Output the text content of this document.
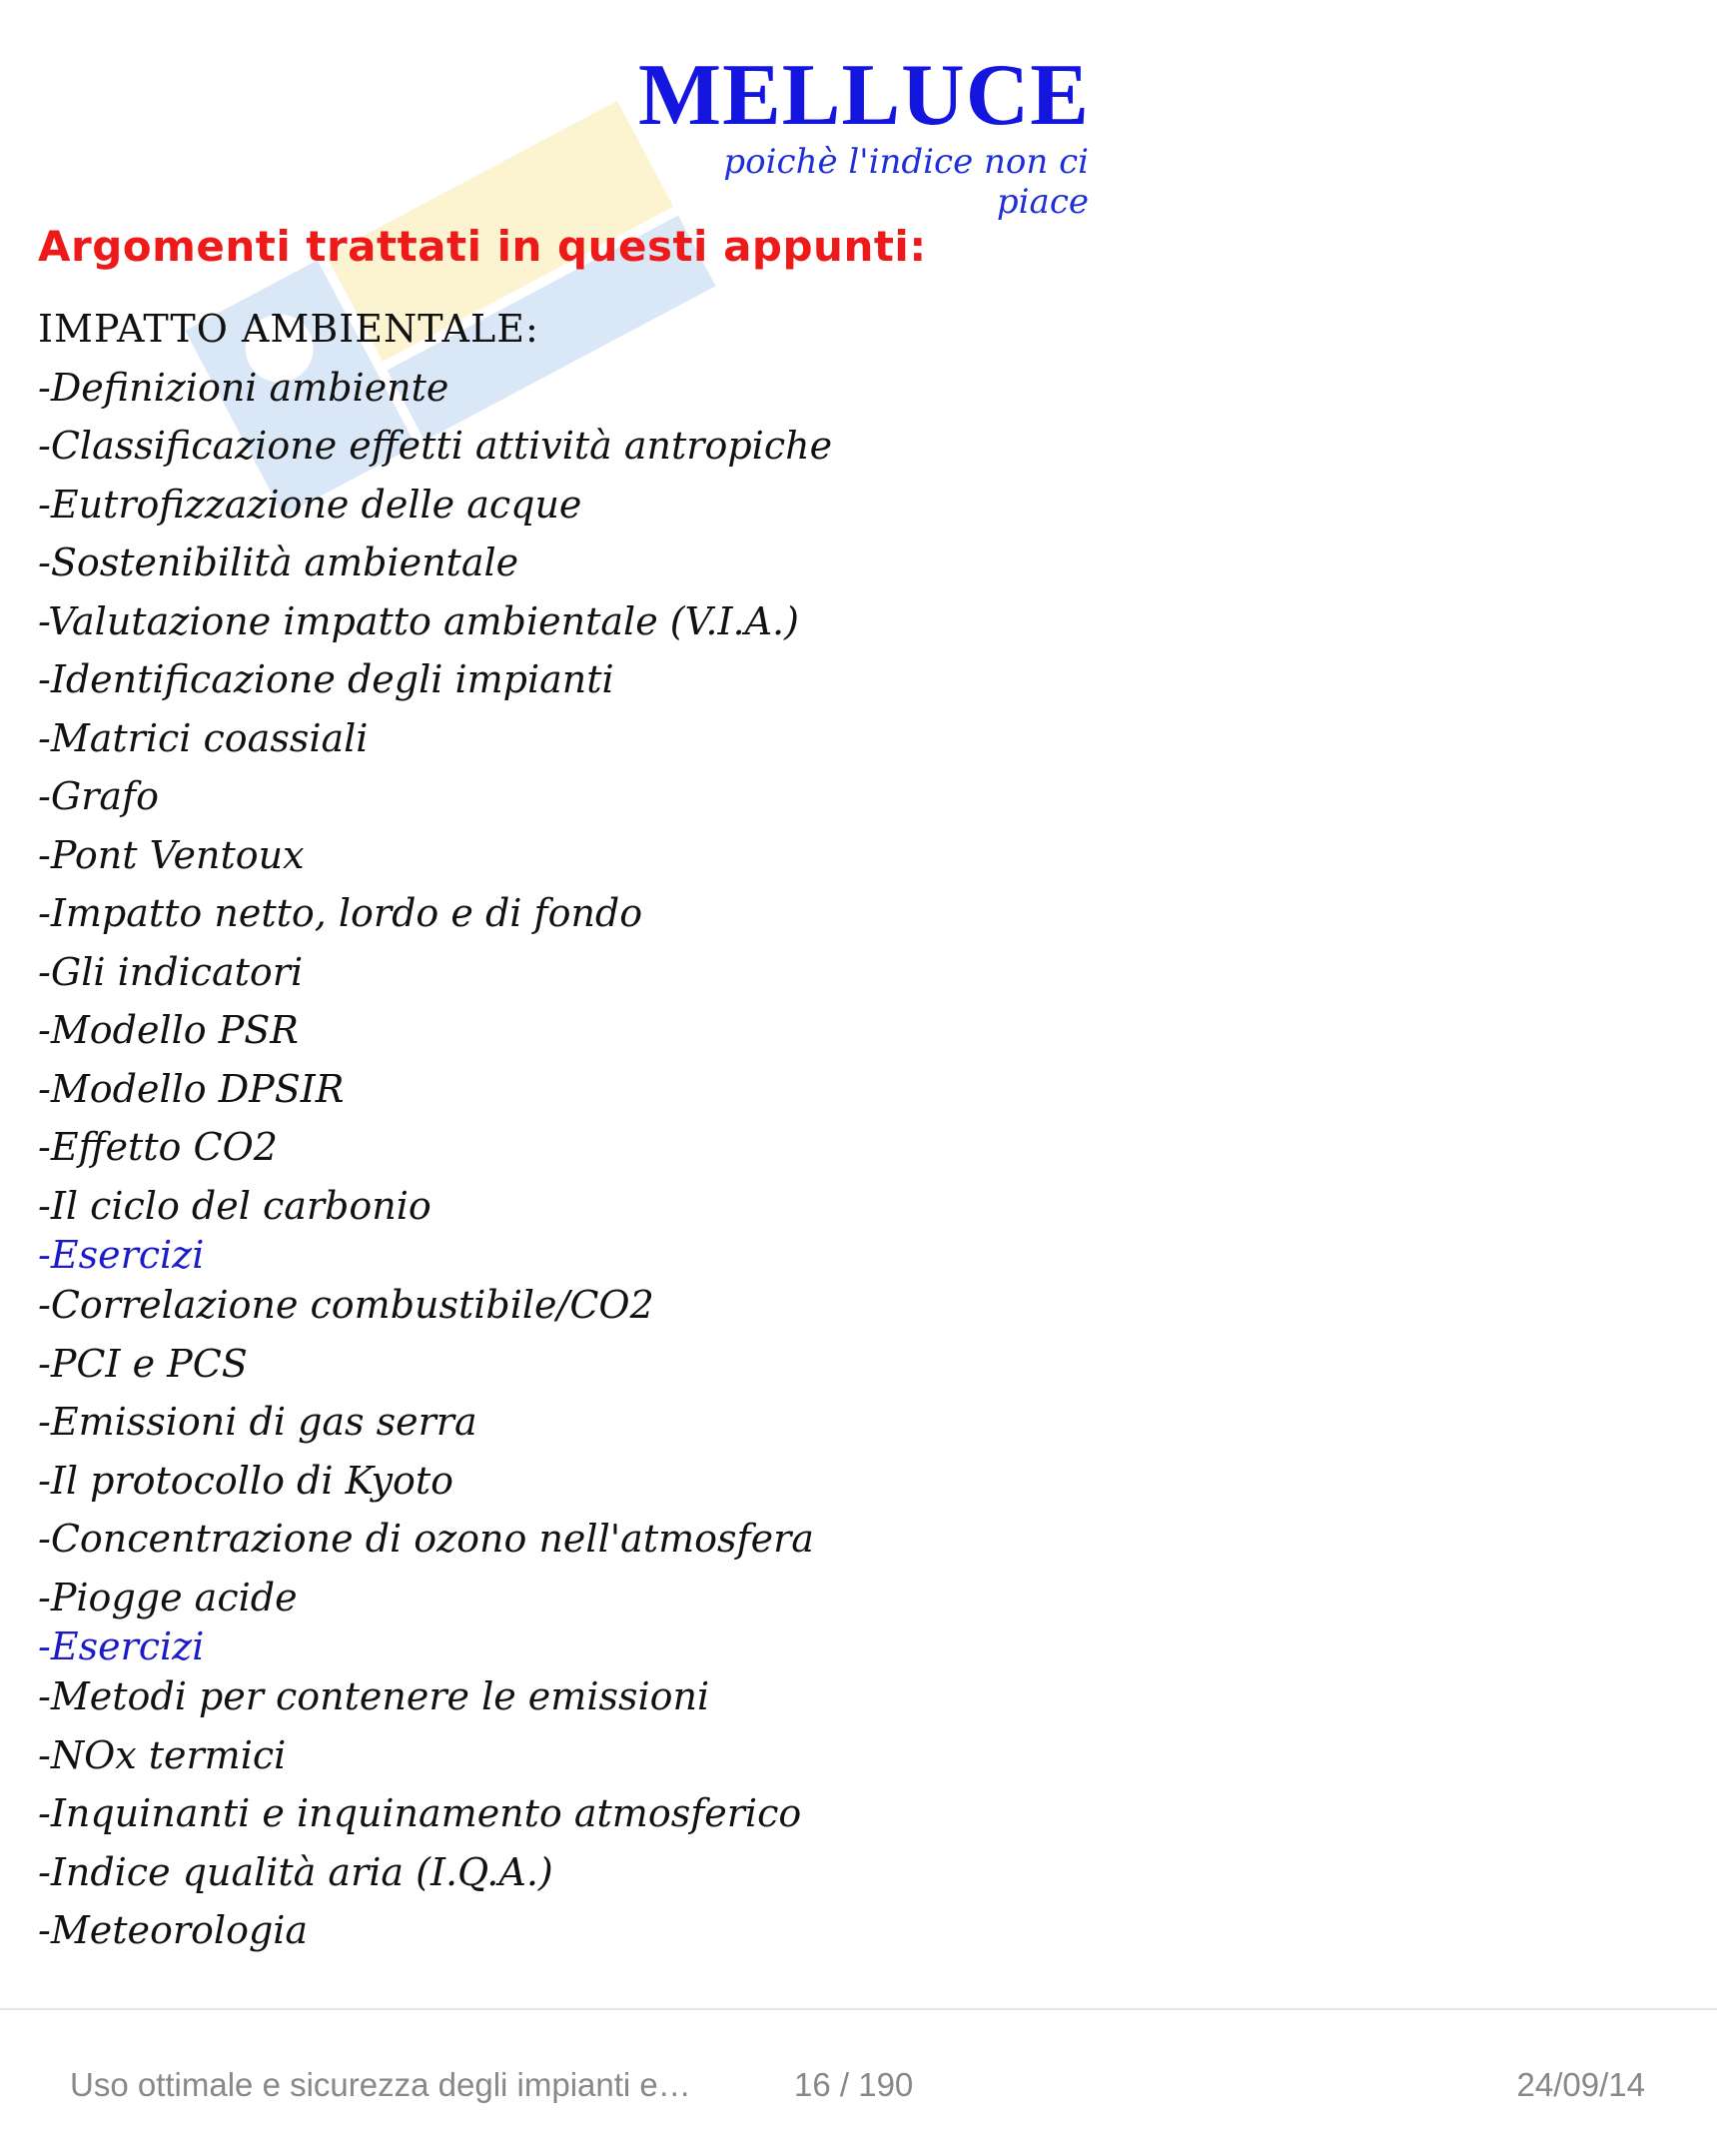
MELLUCE
poichè l'indice non ci piace
Argomenti trattati in questi appunti:
IMPATTO AMBIENTALE:
-Definizioni ambiente
-Classificazione effetti attività antropiche
-Eutrofizzazione delle acque
-Sostenibilità ambientale
-Valutazione impatto ambientale (V.I.A.)
-Identificazione degli impianti
-Matrici coassiali
-Grafo
-Pont Ventoux
-Impatto netto, lordo e di fondo
-Gli indicatori
-Modello PSR
-Modello DPSIR
-Effetto CO2
-Il ciclo del carbonio
-Esercizi
-Correlazione combustibile/CO2
-PCI e PCS
-Emissioni di gas serra
-Il protocollo di Kyoto
-Concentrazione di ozono nell'atmosfera
-Piogge acide
-Esercizi
-Metodi per contenere le emissioni
-NOx termici
-Inquinanti e inquinamento atmosferico
-Indice qualità aria (I.Q.A.)
-Meteorologia
Uso ottimale e sicurezza degli impianti e…	16 / 190	24/09/14
